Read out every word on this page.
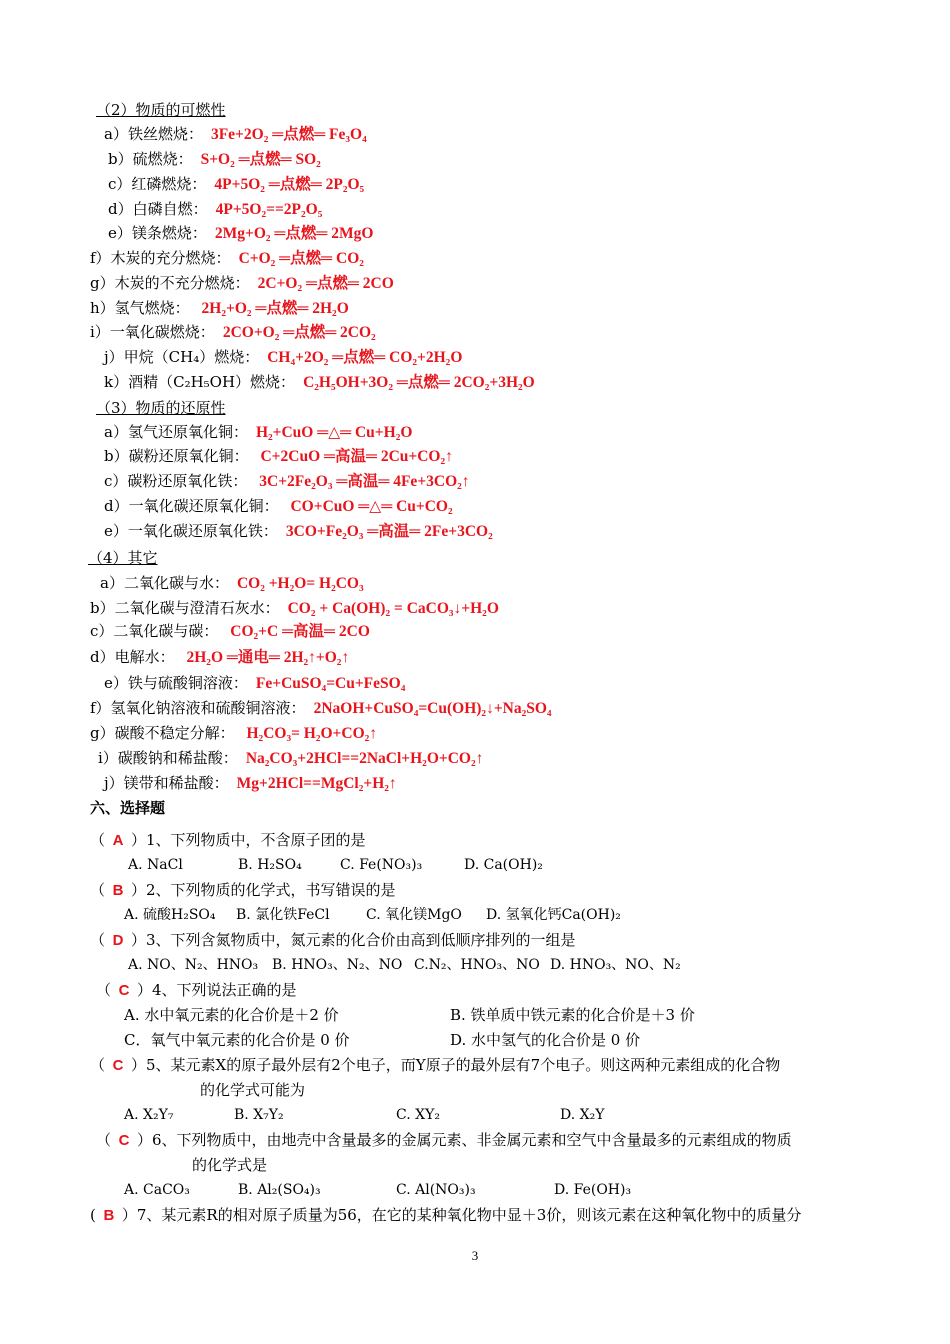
（2）物质的可燃性
a）铁丝燃烧： 3Fe+2O₂ ═点燃═ Fe₃O₄
b）硫燃烧： S+O₂ ═点燃═ SO₂
c）红磷燃烧： 4P+5O₂ ═点燃═ 2P₂O₅
d）白磷自燃： 4P+5O₂==2P₂O₅
e）镁条燃烧： 2Mg+O₂ ═点燃═ 2MgO
f）木炭的充分燃烧： C+O₂ ═点燃═ CO₂
g）木炭的不充分燃烧： 2C+O₂ ═点燃═ 2CO
h）氢气燃烧： 2H₂+O₂ ═点燃═ 2H₂O
i）一氧化碳燃烧： 2CO+O₂ ═点燃═ 2CO₂
j）甲烷（CH₄）燃烧： CH₄+2O₂ ═点燃═ CO₂+2H₂O
k）酒精（C₂H₅OH）燃烧： C₂H₅OH+3O₂ ═点燃═ 2CO₂+3H₂O
（3）物质的还原性
a）氢气还原氧化铜： H₂+CuO ═△═ Cu+H₂O
b）碳粉还原氧化铜： C+2CuO ═高温═ 2Cu+CO₂↑
c）碳粉还原氧化铁： 3C+2Fe₂O₃ ═高温═ 4Fe+3CO₂↑
d）一氧化碳还原氧化铜： CO+CuO ═△═ Cu+CO₂
e）一氧化碳还原氧化铁： 3CO+Fe₂O₃ ═高温═ 2Fe+3CO₂
（4）其它
a）二氧化碳与水： CO₂ +H₂O= H₂CO₃
b）二氧化碳与澄清石灰水： CO₂ + Ca(OH)₂ = CaCO₃↓+H₂O
c）二氧化碳与碳： CO₂+C ═高温═ 2CO
d）电解水： 2H₂O ═通电═ 2H₂↑+O₂↑
e）铁与硫酸铜溶液： Fe+CuSO₄=Cu+FeSO₄
f）氢氧化钠溶液和硫酸铜溶液： 2NaOH+CuSO₄=Cu(OH)₂↓+Na₂SO₄
g）碳酸不稳定分解： H₂CO₃= H₂O+CO₂↑
i）碳酸钠和稀盐酸： Na₂CO₃+2HCl==2NaCl+H₂O+CO₂↑
j）镁带和稀盐酸： Mg+2HCl==MgCl₂+H₂↑
六、选择题
（ A ）1、下列物质中，不含原子团的是
A. NaCl	B. H₂SO₄	C. Fe(NO₃)₃	D. Ca(OH)₂
（ B ）2、下列物质的化学式，书写错误的是
A. 硫酸H₂SO₄ B. 氯化铁FeCl	C. 氧化镁MgO D. 氢氧化钙Ca(OH)₂
（ D ）3、下列含氮物质中，氮元素的化合价由高到低顺序排列的一组是
A. NO、N₂、HNO₃ B. HNO₃、N₂、NO C.N₂、HNO₃、NO D. HNO₃、NO、N₂
（ C ）4、下列说法正确的是
A. 水中氧元素的化合价是＋2 价	B. 铁单质中铁元素的化合价是＋3 价
C．氧气中氧元素的化合价是 0 价	D. 水中氢气的化合价是 0 价
（ C ）5、某元素X的原子最外层有2个电子，而Y原子的最外层有7个电子。则这两种元素组成的化合物
的化学式可能为
A. X₂Y₇	B. X₇Y₂	C. XY₂	D. X₂Y
（ C ）6、下列物质中，由地壳中含量最多的金属元素、非金属元素和空气中含量最多的元素组成的物质
的化学式是
A. CaCO₃	B. Al₂(SO₄)₃	C. Al(NO₃)₃	D. Fe(OH)₃
( B ）7、某元素R的相对原子质量为56，在它的某种氧化物中显＋3价，则该元素在这种氧化物中的质量分
3
